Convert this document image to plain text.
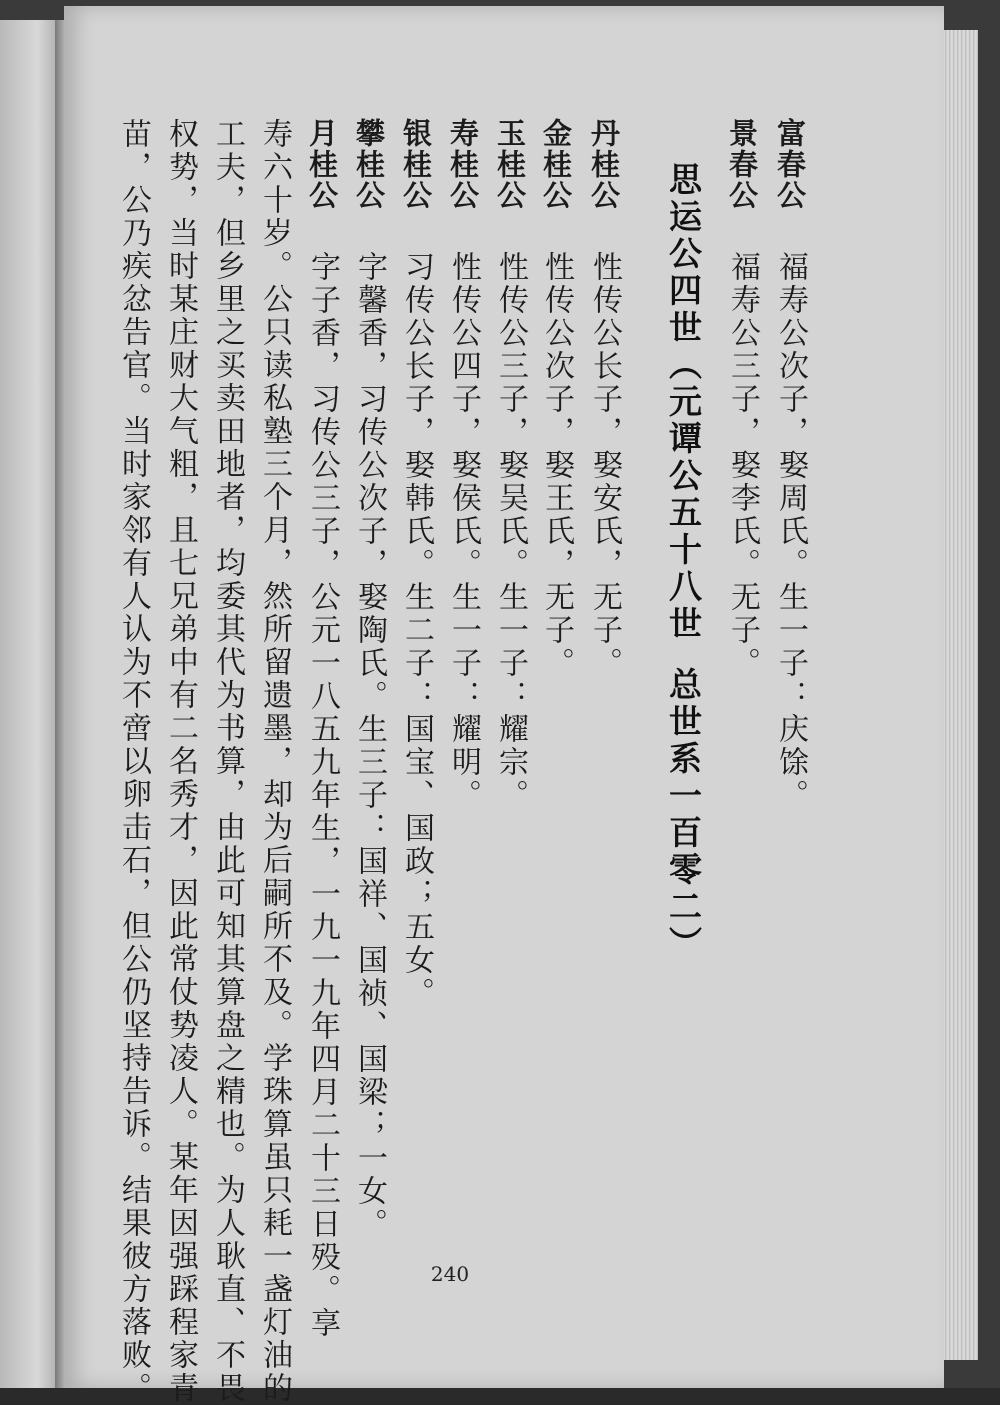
富春公福寿公次子，娶周氏。生一子：庆馀。
景春公福寿公三子，娶李氏。无子。
思运公四世（元谭公五十八世总世系一百零二）
丹桂公性传公长子，娶安氏，无子。
金桂公性传公次子，娶王氏，无子。
玉桂公性传公三子，娶吴氏。生一子：耀宗。
寿桂公性传公四子，娶侯氏。生一子：耀明。
银桂公习传公长子，娶韩氏。生二子：国宝、国政；五女。
攀桂公字馨香，习传公次子，娶陶氏。生三子：国祥、国祯、国梁；一女。
月桂公字子香，习传公三子，公元一八五九年生，一九一九年四月二十三日殁。享
寿六十岁。公只读私塾三个月，然所留遗墨，却为后嗣所不及。学珠算虽只耗一盏灯油的
工夫，但乡里之买卖田地者，均委其代为书算，由此可知其算盘之精也。为人耿直、不畏
权势，当时某庄财大气粗，且七兄弟中有二名秀才，因此常仗势凌人。某年因强踩程家青
苗，公乃疾忿告官。当时家邻有人认为不啻以卵击石，但公仍坚持告诉。结果彼方落败。	240
